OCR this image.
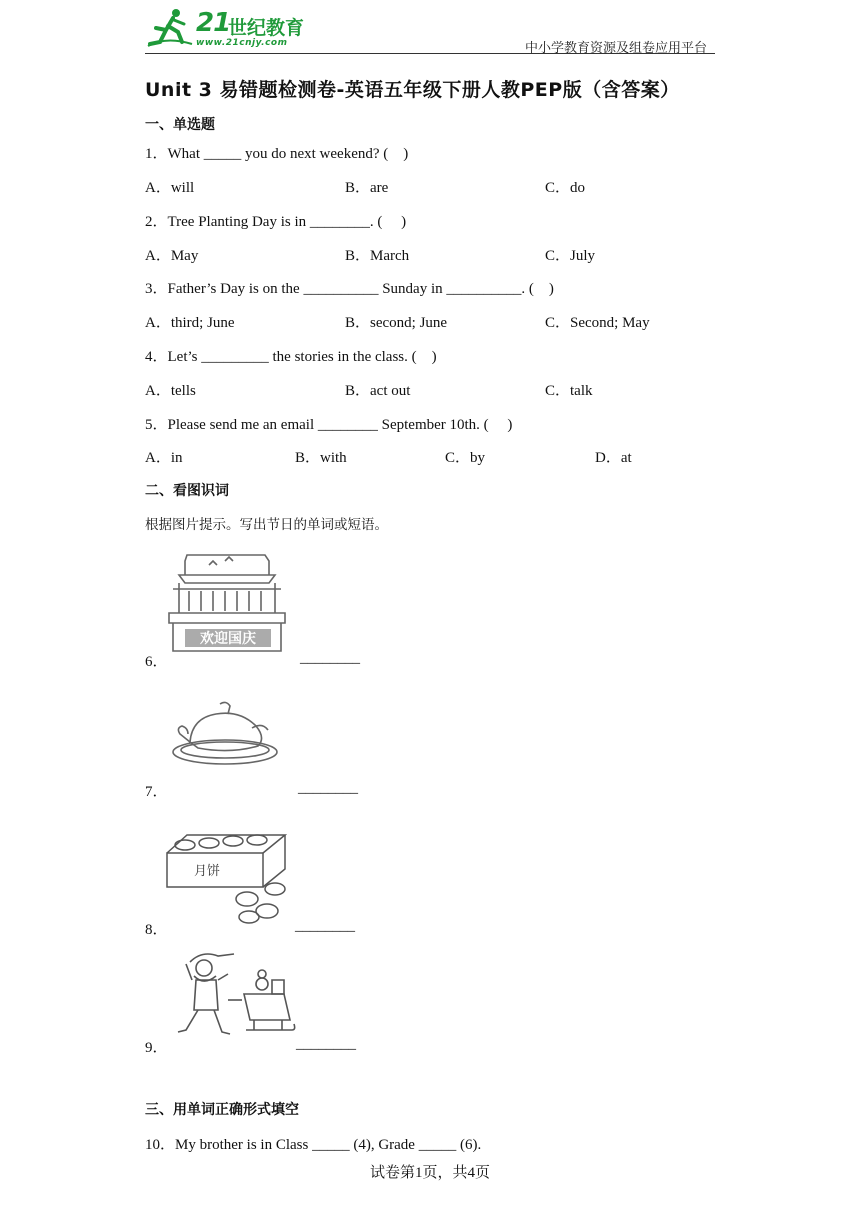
21
世纪教育
www.21cnjy.com	中小学教育资源及组卷应用平台
Unit 3 易错题检测卷-英语五年级下册人教PEP版（含答案）
一、单选题
1．What _____ you do next weekend? (    )
A．will	B．are	C．do
2．Tree Planting Day is in ________. (     )
A．May	B．March	C．July
3．Father’s Day is on the __________ Sunday in __________. (    )
A．third; June	B．second; June	C．Second; May
4．Let’s _________ the stories in the class. (    )
A．tells	B．act out	C．talk
5．Please send me an email ________ September 10th. (     )
A．in	B．with	C．by	D．at
二、看图识词
根据图片提示。写出节日的单词或短语。
欢迎国庆
6．	________
7．	________
月饼
8．	________
9．	________
三、用单词正确形式填空
10．My brother is in Class _____ (4), Grade _____ (6).
试卷第1页，共4页
